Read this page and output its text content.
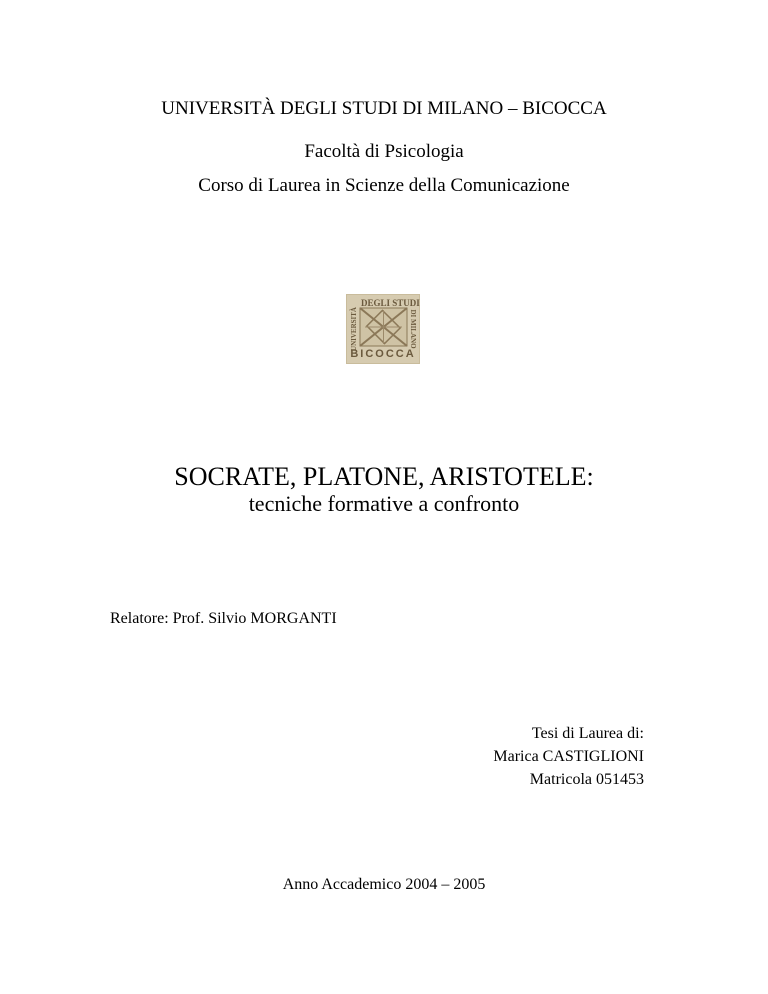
UNIVERSITÀ DEGLI STUDI DI MILANO – BICOCCA

Facoltà di Psicologia

Corso di Laurea in Scienze della Comunicazione

DEGLI STUDI
UNIVERSITÀ	DI MILANO
BICOCCA

SOCRATE, PLATONE, ARISTOTELE:

tecniche formative a confronto

Relatore: Prof. Silvio MORGANTI

Tesi di Laurea di:
Marica CASTIGLIONI
Matricola 051453

Anno Accademico 2004 – 2005
